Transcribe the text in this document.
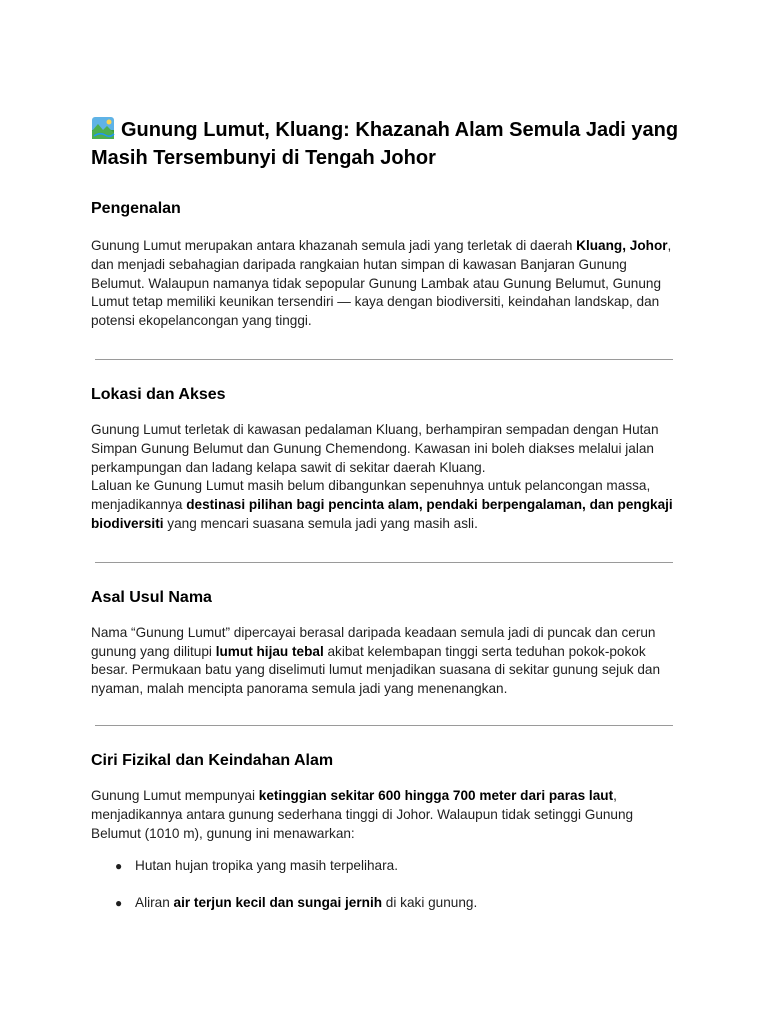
Gunung Lumut, Kluang: Khazanah Alam Semula Jadi yang Masih Tersembunyi di Tengah Johor
Pengenalan

Gunung Lumut merupakan antara khazanah semula jadi yang terletak di daerah Kluang, Johor, dan menjadi sebahagian daripada rangkaian hutan simpan di kawasan Banjaran Gunung Belumut. Walaupun namanya tidak sepopular Gunung Lambak atau Gunung Belumut, Gunung Lumut tetap memiliki keunikan tersendiri — kaya dengan biodiversiti, keindahan landskap, dan potensi ekopelancongan yang tinggi.

Lokasi dan Akses

Gunung Lumut terletak di kawasan pedalaman Kluang, berhampiran sempadan dengan Hutan Simpan Gunung Belumut dan Gunung Chemendong. Kawasan ini boleh diakses melalui jalan perkampungan dan ladang kelapa sawit di sekitar daerah Kluang.
Laluan ke Gunung Lumut masih belum dibangunkan sepenuhnya untuk pelancongan massa, menjadikannya destinasi pilihan bagi pencinta alam, pendaki berpengalaman, dan pengkaji biodiversiti yang mencari suasana semula jadi yang masih asli.

Asal Usul Nama

Nama “Gunung Lumut” dipercayai berasal daripada keadaan semula jadi di puncak dan cerun gunung yang dilitupi lumut hijau tebal akibat kelembapan tinggi serta teduhan pokok-pokok besar. Permukaan batu yang diselimuti lumut menjadikan suasana di sekitar gunung sejuk dan nyaman, malah mencipta panorama semula jadi yang menenangkan.

Ciri Fizikal dan Keindahan Alam

Gunung Lumut mempunyai ketinggian sekitar 600 hingga 700 meter dari paras laut, menjadikannya antara gunung sederhana tinggi di Johor. Walaupun tidak setinggi Gunung Belumut (1010 m), gunung ini menawarkan:

● Hutan hujan tropika yang masih terpelihara.
● Aliran air terjun kecil dan sungai jernih di kaki gunung.
